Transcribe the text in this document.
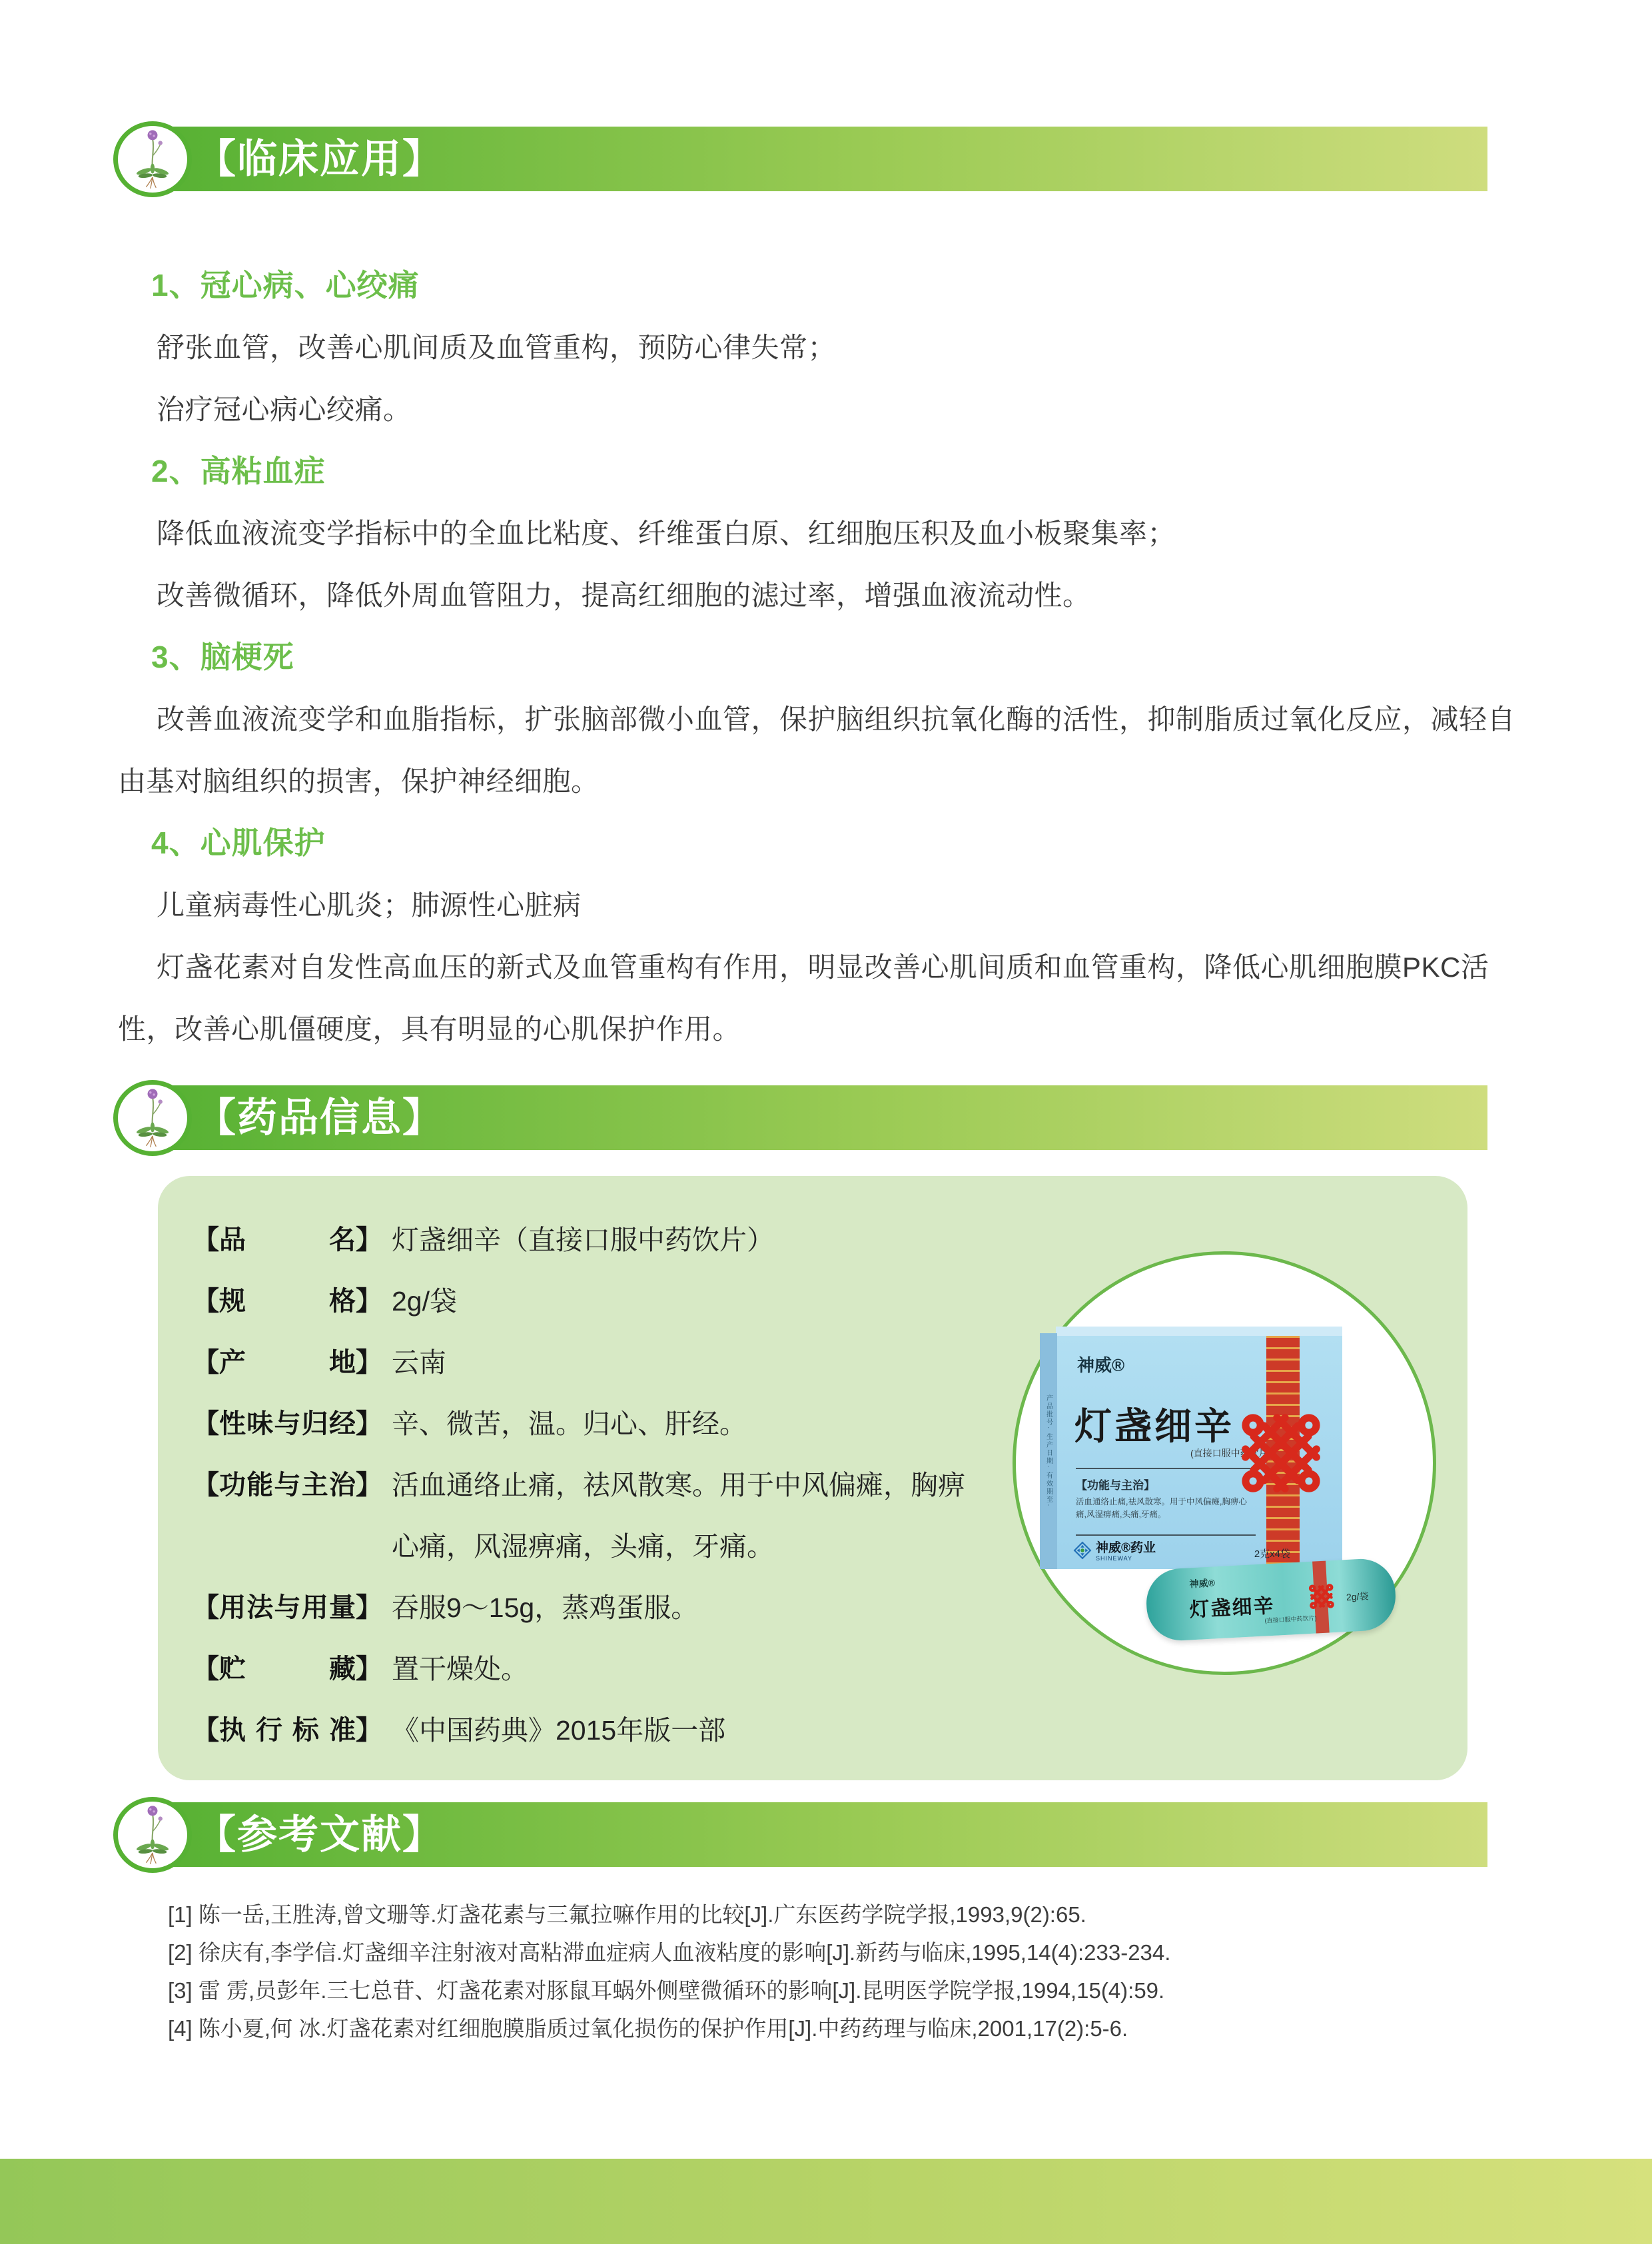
【临床应用】
1、冠心病、心绞痛
舒张血管，改善心肌间质及血管重构，预防心律失常；
治疗冠心病心绞痛。
2、高粘血症
降低血液流变学指标中的全血比粘度、纤维蛋白原、红细胞压积及血小板聚集率；
改善微循环，降低外周血管阻力，提高红细胞的滤过率，增强血液流动性。
3、脑梗死
改善血液流变学和血脂指标，扩张脑部微小血管，保护脑组织抗氧化酶的活性，抑制脂质过氧化反应，减轻自由基对脑组织的损害，保护神经细胞。
4、心肌保护
儿童病毒性心肌炎；肺源性心脏病
灯盏花素对自发性高血压的新式及血管重构有作用，明显改善心肌间质和血管重构，降低心肌细胞膜PKC活性，改善心肌僵硬度，具有明显的心肌保护作用。
【药品信息】
【品名】 灯盏细辛（直接口服中药饮片）
【规格】 2g/袋
【产地】 云南
【性味与归经】 辛、微苦，温。归心、肝经。
【功能与主治】 活血通络止痛，祛风散寒。用于中风偏瘫，胸痹心痛，风湿痹痛，头痛，牙痛。
【用法与用量】 吞服9～15g，蒸鸡蛋服。
【贮藏】 置干燥处。
【执行标准】 《中国药典》2015年版一部
产品批号· 生产日期· 有效期至·
神威®
灯盏细辛
(直接口服中药饮片)
【功能与主治】
活血通络止痛,祛风散寒。用于中风偏瘫,胸痹心痛,风湿痹痛,头痛,牙痛。
神威®药业
SHINEWAY	2克x4袋
神威®
灯盏细辛
(直接口服中药饮片)
2g/袋
【参考文献】
[1] 陈一岳,王胜涛,曾文珊等.灯盏花素与三氟拉嘛作用的比较[J].广东医药学院学报,1993,9(2):65.
[2] 徐庆有,李学信.灯盏细辛注射液对高粘滞血症病人血液粘度的影响[J].新药与临床,1995,14(4):233-234.
[3] 雷 雳,员彭年.三七总苷、灯盏花素对豚鼠耳蜗外侧壁微循环的影响[J].昆明医学院学报,1994,15(4):59.
[4] 陈小夏,何 冰.灯盏花素对红细胞膜脂质过氧化损伤的保护作用[J].中药药理与临床,2001,17(2):5-6.
